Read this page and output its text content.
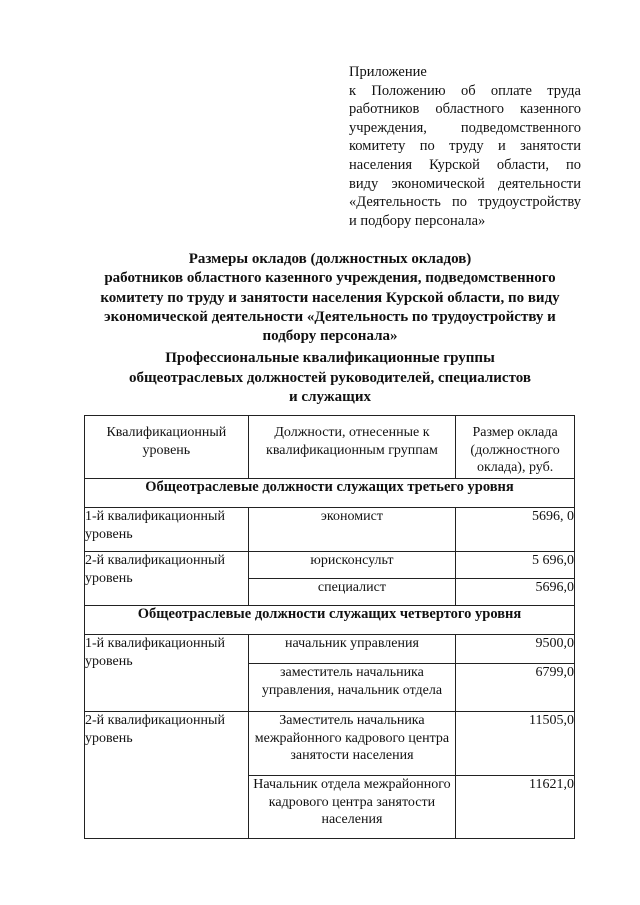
Приложение
к Положению об оплате труда
работников областного казенного
учреждения, подведомственного
комитету по труду и занятости
населения Курской области, по
виду экономической деятельности
«Деятельность по трудоустройству
и подбору персонала»
Размеры окладов (должностных окладов)
работников областного казенного учреждения, подведомственного
комитету по труду и занятости населения Курской области, по виду
экономической деятельности «Деятельность по трудоустройству и
подбору персонала»
Профессиональные квалификационные группы
общеотраслевых должностей руководителей, специалистов
и служащих
Квалификационный уровень	Должности, отнесенные к квалификационным группам	Размер оклада (должностного оклада), руб.

Общеотраслевые должности служащих третьего уровня		
1-й квалификационный уровень	экономист	5696, 0
2-й квалификационный уровень	юрисконсульт	5 696,0
	специалист	5696,0
Общеотраслевые должности служащих четвертого уровня		
1-й квалификационный уровень	начальник управления	9500,0
	заместитель начальника управления, начальник отдела	6799,0
2-й квалификационный уровень	Заместитель начальника межрайонного кадрового центра занятости населения	11505,0
	Начальник отдела межрайонного кадрового центра занятости населения	11621,0
